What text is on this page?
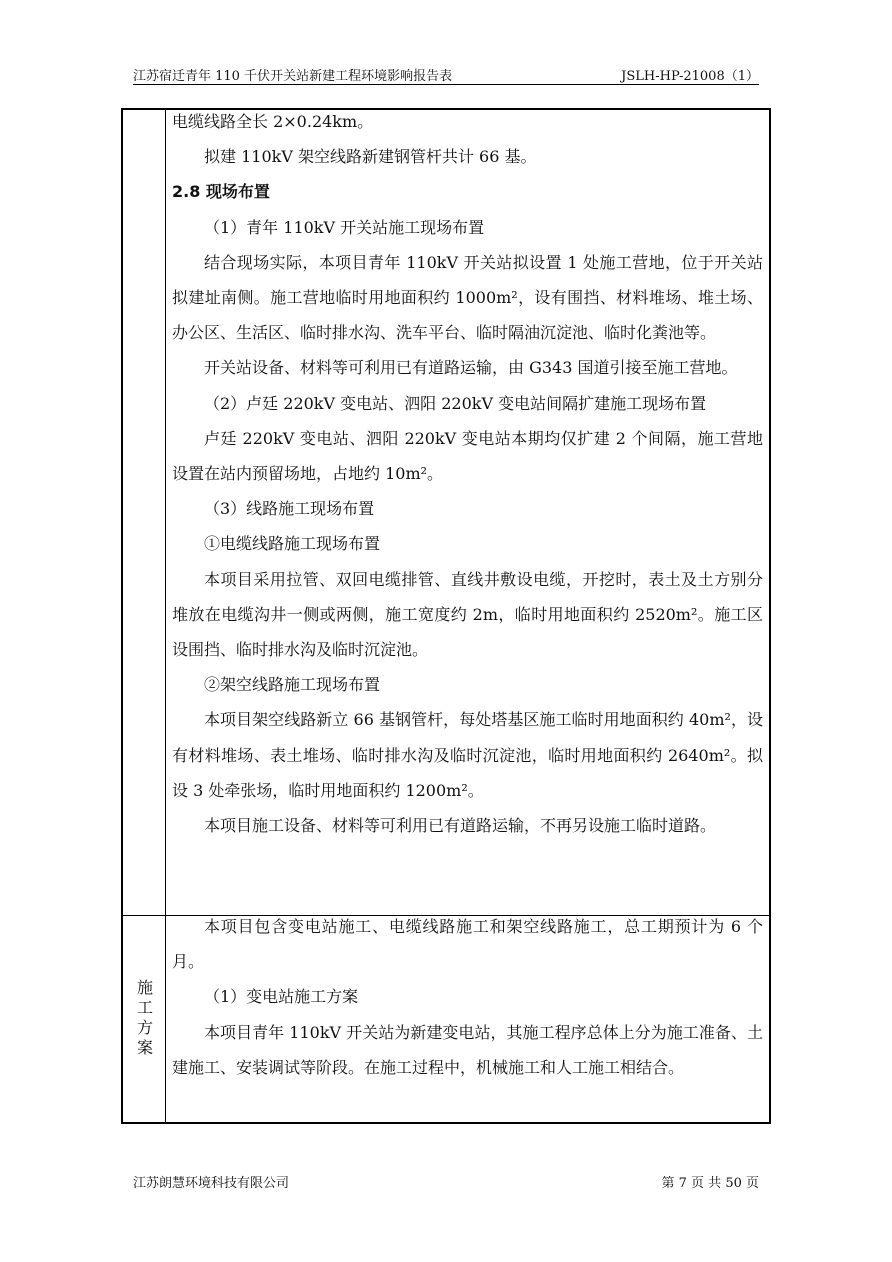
江苏宿迁青年 110 千伏开关站新建工程环境影响报告表	JSLH-HP-21008（1）

电缆线路全长 2×0.24km。

拟建 110kV 架空线路新建钢管杆共计 66 基。

2.8 现场布置

（1）青年 110kV 开关站施工现场布置

结合现场实际，本项目青年 110kV 开关站拟设置 1 处施工营地，位于开关站拟建址南侧。施工营地临时用地面积约 1000m²，设有围挡、材料堆场、堆土场、办公区、生活区、临时排水沟、洗车平台、临时隔油沉淀池、临时化粪池等。

开关站设备、材料等可利用已有道路运输，由 G343 国道引接至施工营地。

（2）卢廷 220kV 变电站、泗阳 220kV 变电站间隔扩建施工现场布置

卢廷 220kV 变电站、泗阳 220kV 变电站本期均仅扩建 2 个间隔，施工营地设置在站内预留场地，占地约 10m²。

（3）线路施工现场布置

①电缆线路施工现场布置

本项目采用拉管、双回电缆排管、直线井敷设电缆，开挖时，表土及土方别分堆放在电缆沟井一侧或两侧，施工宽度约 2m，临时用地面积约 2520m²。施工区设围挡、临时排水沟及临时沉淀池。

②架空线路施工现场布置

本项目架空线路新立 66 基钢管杆，每处塔基区施工临时用地面积约 40m²，设有材料堆场、表土堆场、临时排水沟及临时沉淀池，临时用地面积约 2640m²。拟设 3 处牵张场，临时用地面积约 1200m²。

本项目施工设备、材料等可利用已有道路运输，不再另设施工临时道路。

施工方案

本项目包含变电站施工、电缆线路施工和架空线路施工，总工期预计为 6 个月。

（1）变电站施工方案

本项目青年 110kV 开关站为新建变电站，其施工程序总体上分为施工准备、土建施工、安装调试等阶段。在施工过程中，机械施工和人工施工相结合。

江苏朗慧环境科技有限公司	第 7 页 共 50 页
